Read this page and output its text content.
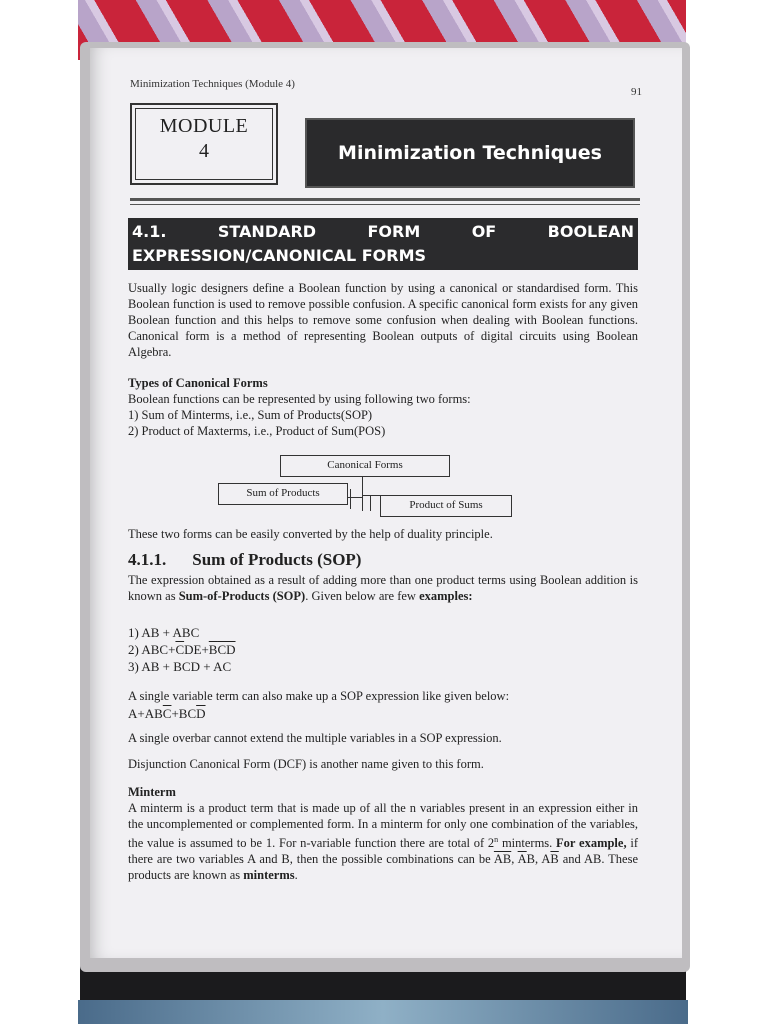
Minimization Techniques (Module 4)
91
MODULE
4	Minimization Techniques
4.1.	STANDARD	FORM	OF	BOOLEAN
EXPRESSION/CANONICAL FORMS
Usually logic designers define a Boolean function by using a canonical or standardised form. This Boolean function is used to remove possible confusion. A specific canonical form exists for any given Boolean function and this helps to remove some confusion when dealing with Boolean functions. Canonical form is a method of representing Boolean outputs of digital circuits using Boolean Algebra.
Types of Canonical Forms
Boolean functions can be represented by using following two forms:
1) Sum of Minterms, i.e., Sum of Products(SOP)
2) Product of Maxterms, i.e., Product of Sum(POS)
Canonical Forms
Sum of Products
Product of Sums
These two forms can be easily converted by the help of duality principle.
4.1.1. Sum of Products (SOP)
The expression obtained as a result of adding more than one product terms using Boolean addition is known as Sum-of-Products (SOP). Given below are few examples:
1) AB + ABC
2) $ABC+\overline{C}DE+\overline{B}\overline{CD}$
3) AB + BCD + AC
A single variable term can also make up a SOP expression like given below:
$A+AB\overline{C}+BC\overline{D}$
A single overbar cannot extend the multiple variables in a SOP expression.
Disjunction Canonical Form (DCF) is another name given to this form.
Minterm
A minterm is a product term that is made up of all the n variables present in an expression either in the uncomplemented or complemented form. In a minterm for only one combination of the variables, the value is assumed to be 1. For n-variable function there are total of 2$^n$ minterms. For example, if there are two variables A and B, then the possible combinations can be $\overline{AB}$, $\overline{A}B$, $A\overline{B}$ and AB. These products are known as minterms.
